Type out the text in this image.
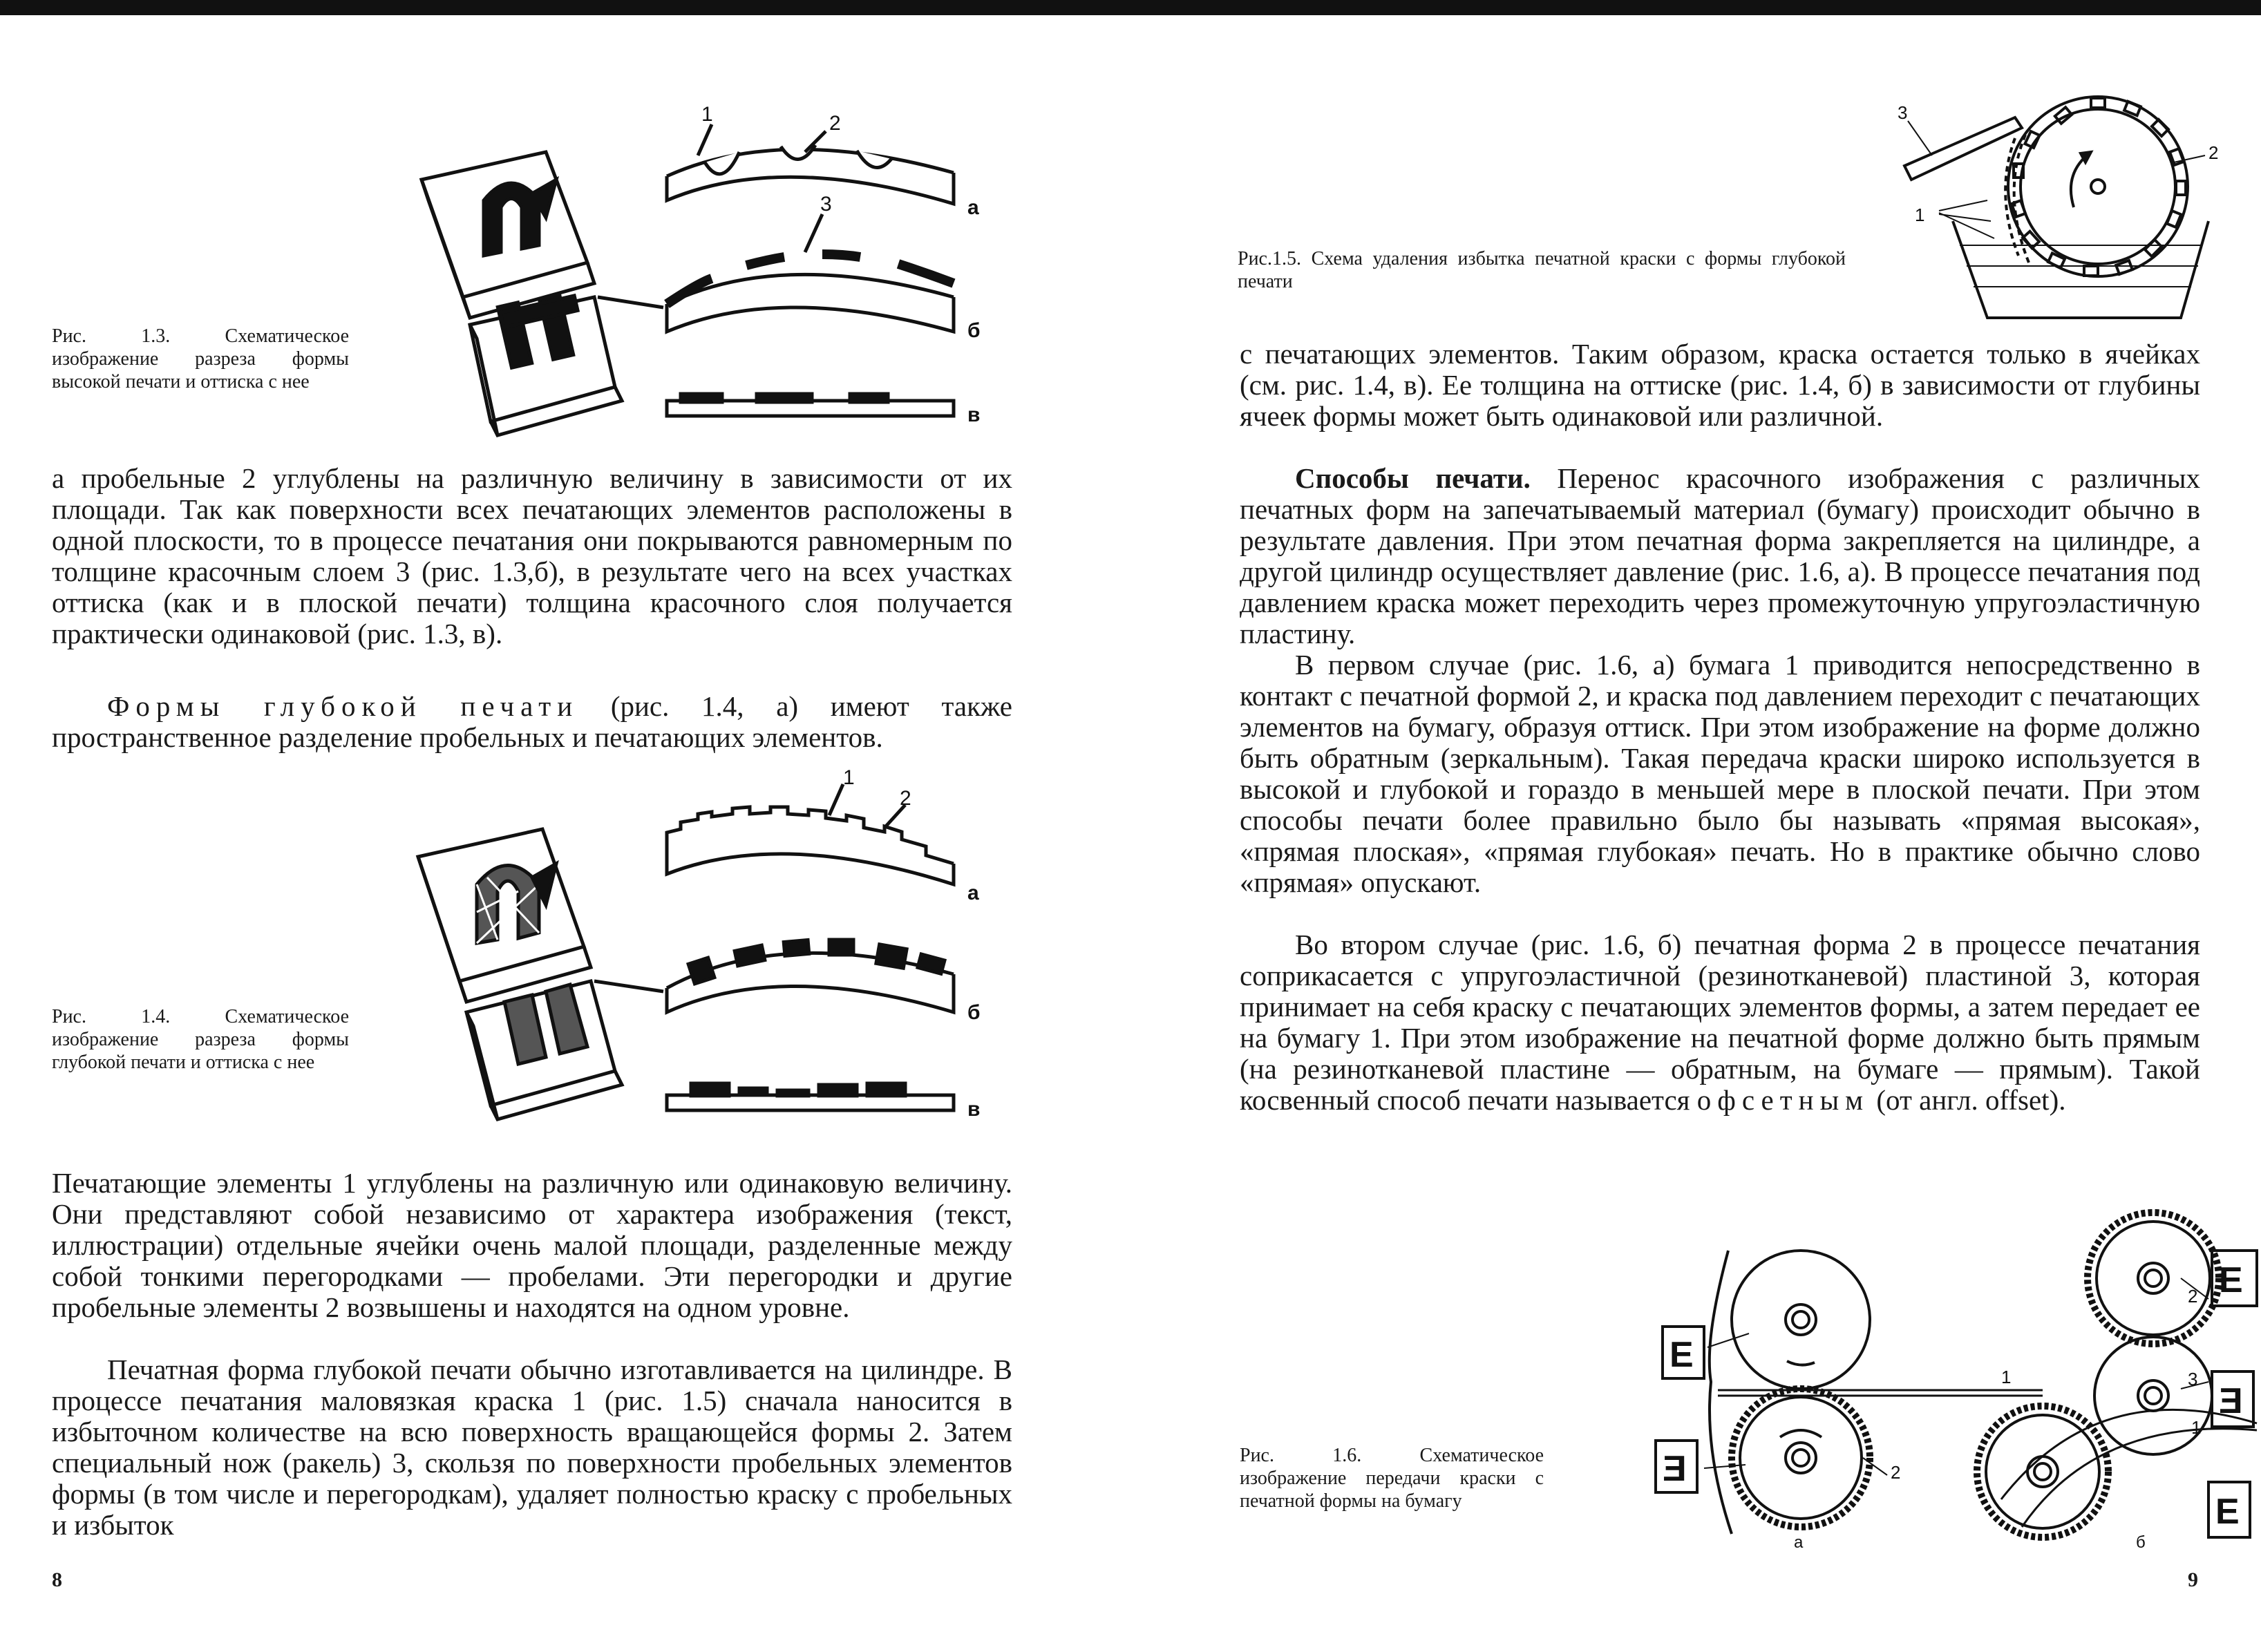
1	2
3	а
б
в
Рис. 1.3. Схематическое изображение разреза формы высокой печати и оттиска с нее

а пробельные 2 углублены на различную величину в зависимости от их площади. Так как поверхности всех печатающих элементов расположены в одной плоскости, то в процессе печатания они покрываются равномерным по толщине красочным слоем 3 (рис. 1.3,б), в результате чего на всех участках оттиска (как и в плоской печати) толщина красочного слоя получается практически одинаковой (рис. 1.3, в).

Формы глубокой печати (рис. 1.4, а) имеют также пространственное разделение пробельных и печатающих элементов.

1
2
а
б
в
Рис. 1.4. Схематическое изображение разреза формы глубокой печати и оттиска с нее

Печатающие элементы 1 углублены на различную или одинаковую величину. Они представляют собой независимо от характера изображения (текст, иллюстрации) отдельные ячейки очень малой площади, разделенные между собой тонкими перегородками — пробелами. Эти перегородки и другие пробельные элементы 2 возвышены и находятся на одном уровне.

Печатная форма глубокой печати обычно изготавливается на цилиндре. В процессе печатания маловязкая краска 1 (рис. 1.5) сначала наносится в избыточном количестве на всю поверхность вращающейся формы 2. Затем специальный нож (ракель) 3, скользя по поверхности пробельных элементов формы (в том числе и перегородкам), удаляет полностью краску с пробельных и избыток

8
Рис.1.5. Схема удаления избытка печатной краски с формы глубокой печати
3
2
1

с печатающих элементов. Таким образом, краска остается только в ячейках (см. рис. 1.4, в). Ее толщина на оттиске (рис. 1.4, б) в зависимости от глубины ячеек формы может быть одинаковой или различной.

Способы печати. Перенос красочного изображения с различных печатных форм на запечатываемый материал (бумагу) происходит обычно в результате давления. При этом печатная форма закрепляется на цилиндре, а другой цилиндр осуществляет давление (рис. 1.6, а). В процессе печатания под давлением краска может переходить через промежуточную упругоэластичную пластину.

В первом случае (рис. 1.6, а) бумага 1 приводится непосредственно в контакт с печатной формой 2, и краска под давлением переходит с печатающих элементов на бумагу, образуя оттиск. При этом изображение на форме должно быть обратным (зеркальным). Такая передача краски широко используется в высокой и глубокой и гораздо в меньшей мере в плоской печати. При этом способы печати более правильно было бы называть «прямая высокая», «прямая плоская», «прямая глубокая» печать. Но в практике обычно слово «прямая» опускают.

Во втором случае (рис. 1.6, б) печатная форма 2 в процессе печатания соприкасается с упругоэластичной (резинотканевой) пластиной 3, которая принимает на себя краску с печатающих элементов формы, а затем передает ее на бумагу 1. При этом изображение на печатной форме должно быть прямым (на резинотканевой пластине — обратным, на бумаге — прямым). Такой косвенный способ печати называется офсетным (от англ. offset).

Рис. 1.6. Схематическое изображение передачи краски с печатной формы на бумагу
E
Ǝ
1
2
а
E
Ǝ
E
1
2
3
б
9
